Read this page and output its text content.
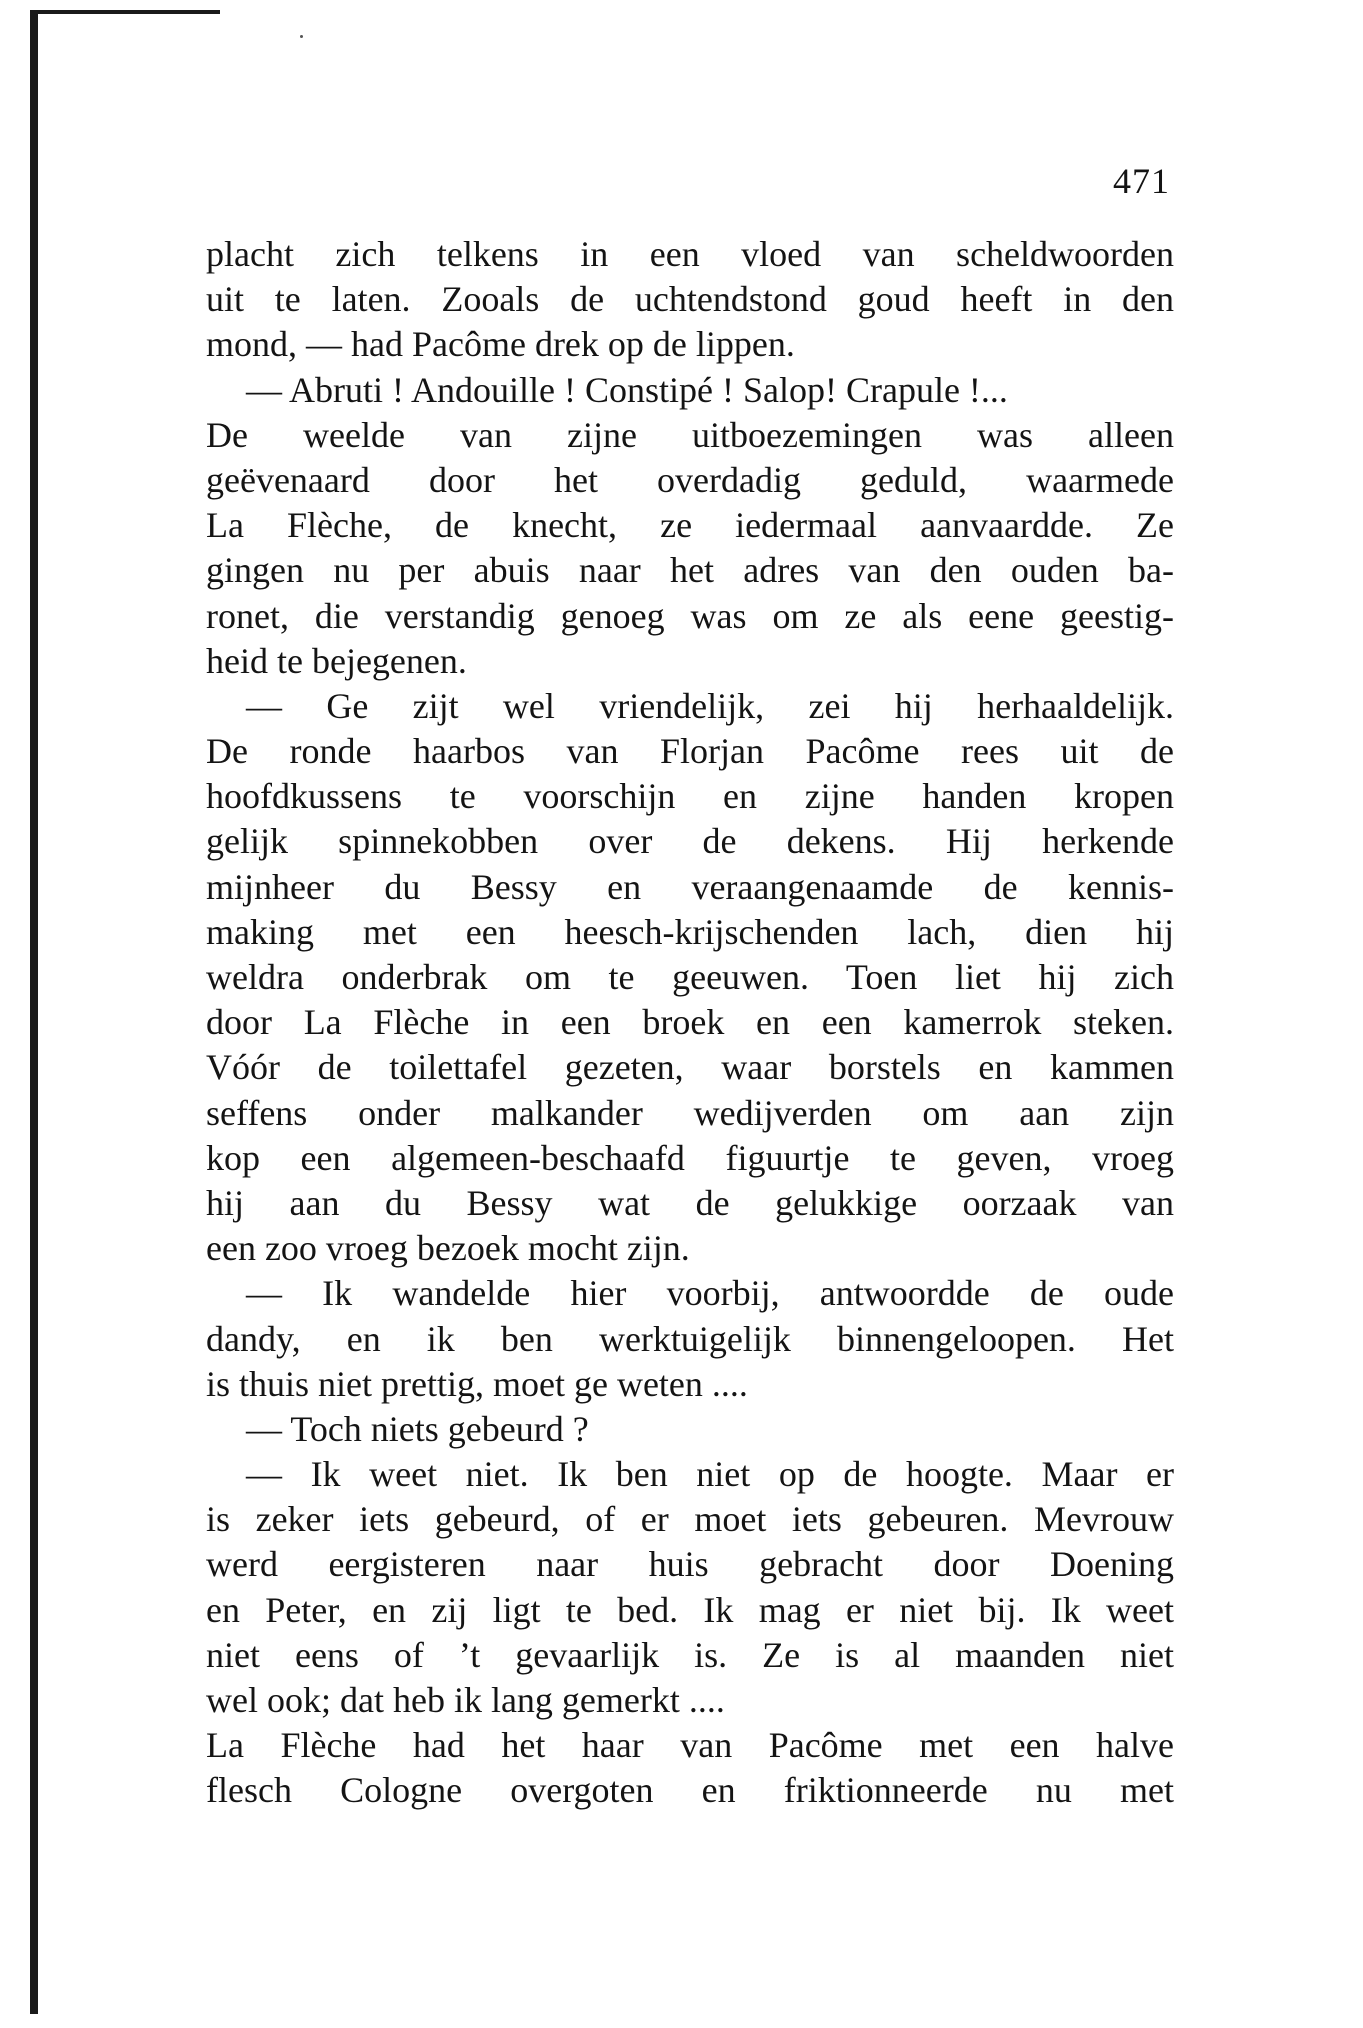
471
placht zich telkens in een vloed van scheldwoorden
uit te laten. Zooals de uchtendstond goud heeft in den
mond, — had Pacôme drek op de lippen.
— Abruti ! Andouille ! Constipé ! Salop! Crapule !...
De weelde van zijne uitboezemingen was alleen
geëvenaard door het overdadig geduld, waarmede
La Flèche, de knecht, ze iedermaal aanvaardde. Ze
gingen nu per abuis naar het adres van den ouden ba-
ronet, die verstandig genoeg was om ze als eene geestig-
heid te bejegenen.
— Ge zijt wel vriendelijk, zei hij herhaaldelijk.
De ronde haarbos van Florjan Pacôme rees uit de
hoofdkussens te voorschijn en zijne handen kropen
gelijk spinnekobben over de dekens. Hij herkende
mijnheer du Bessy en veraangenaamde de kennis-
making met een heesch-krijschenden lach, dien hij
weldra onderbrak om te geeuwen. Toen liet hij zich
door La Flèche in een broek en een kamerrok steken.
Vóór de toilettafel gezeten, waar borstels en kammen
seffens onder malkander wedijverden om aan zijn
kop een algemeen-beschaafd figuurtje te geven, vroeg
hij aan du Bessy wat de gelukkige oorzaak van
een zoo vroeg bezoek mocht zijn.
— Ik wandelde hier voorbij, antwoordde de oude
dandy, en ik ben werktuigelijk binnengeloopen. Het
is thuis niet prettig, moet ge weten ....
— Toch niets gebeurd ?
— Ik weet niet. Ik ben niet op de hoogte. Maar er
is zeker iets gebeurd, of er moet iets gebeuren. Mevrouw
werd eergisteren naar huis gebracht door Doening
en Peter, en zij ligt te bed. Ik mag er niet bij. Ik weet
niet eens of ’t gevaarlijk is. Ze is al maanden niet
wel ook; dat heb ik lang gemerkt ....
La Flèche had het haar van Pacôme met een halve
flesch Cologne overgoten en friktionneerde nu met
